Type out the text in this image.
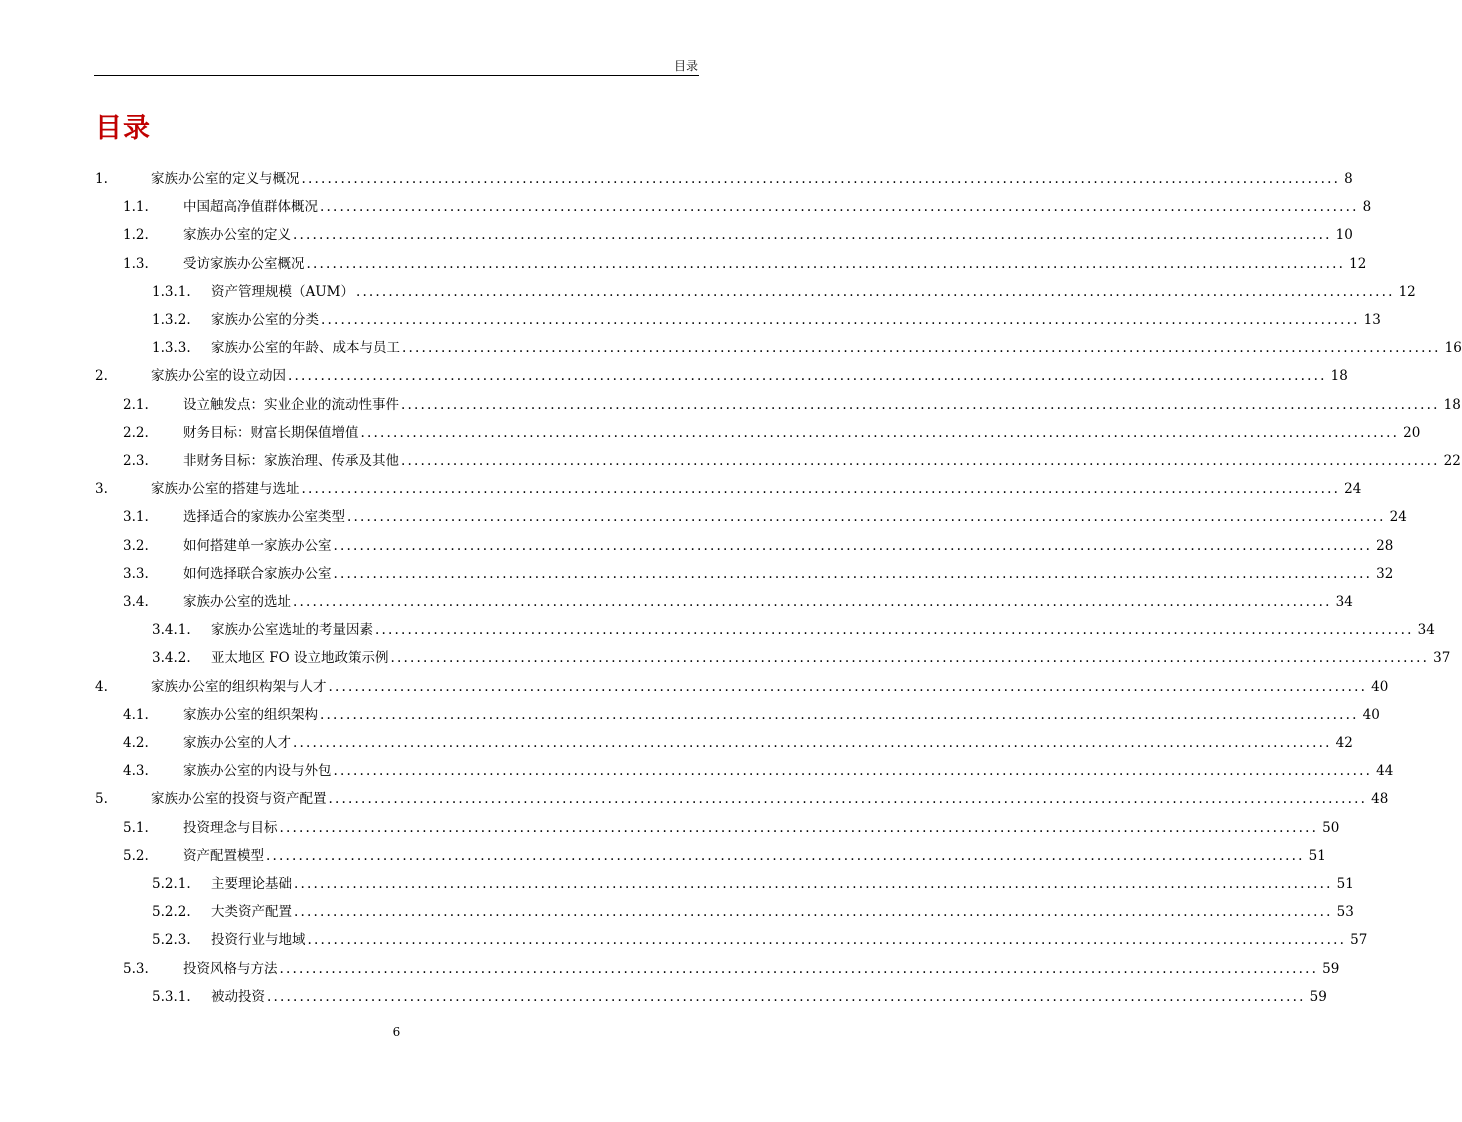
目录
目录
1.	家族办公室的定义与概况 ................................................................................................................................................................ 8
1.1.	中国超高净值群体概况 ................................................................................................................................................................ 8
1.2.	家族办公室的定义 ................................................................................................................................................................ 10
1.3.	受访家族办公室概况 ................................................................................................................................................................ 12
1.3.1.	资产管理规模（AUM） ................................................................................................................................................................ 12
1.3.2.	家族办公室的分类 ................................................................................................................................................................ 13
1.3.3.	家族办公室的年龄、成本与员工 ................................................................................................................................................................ 16
2.	家族办公室的设立动因 ................................................................................................................................................................ 18
2.1.	设立触发点：实业企业的流动性事件 ................................................................................................................................................................ 18
2.2.	财务目标：财富长期保值增值 ................................................................................................................................................................ 20
2.3.	非财务目标：家族治理、传承及其他 ................................................................................................................................................................ 22
3.	家族办公室的搭建与选址 ................................................................................................................................................................ 24
3.1.	选择适合的家族办公室类型 ................................................................................................................................................................ 24
3.2.	如何搭建单一家族办公室 ................................................................................................................................................................ 28
3.3.	如何选择联合家族办公室 ................................................................................................................................................................ 32
3.4.	家族办公室的选址 ................................................................................................................................................................ 34
3.4.1.	家族办公室选址的考量因素 ................................................................................................................................................................ 34
3.4.2.	亚太地区 FO 设立地政策示例 ................................................................................................................................................................ 37
4.	家族办公室的组织构架与人才 ................................................................................................................................................................ 40
4.1.	家族办公室的组织架构 ................................................................................................................................................................ 40
4.2.	家族办公室的人才 ................................................................................................................................................................ 42
4.3.	家族办公室的内设与外包 ................................................................................................................................................................ 44
5.	家族办公室的投资与资产配置 ................................................................................................................................................................ 48
5.1.	投资理念与目标 ................................................................................................................................................................ 50
5.2.	资产配置模型 ................................................................................................................................................................ 51
5.2.1.	主要理论基础 ................................................................................................................................................................ 51
5.2.2.	大类资产配置 ................................................................................................................................................................ 53
5.2.3.	投资行业与地域 ................................................................................................................................................................ 57
5.3.	投资风格与方法 ................................................................................................................................................................ 59
5.3.1.	被动投资 ................................................................................................................................................................ 59
6
